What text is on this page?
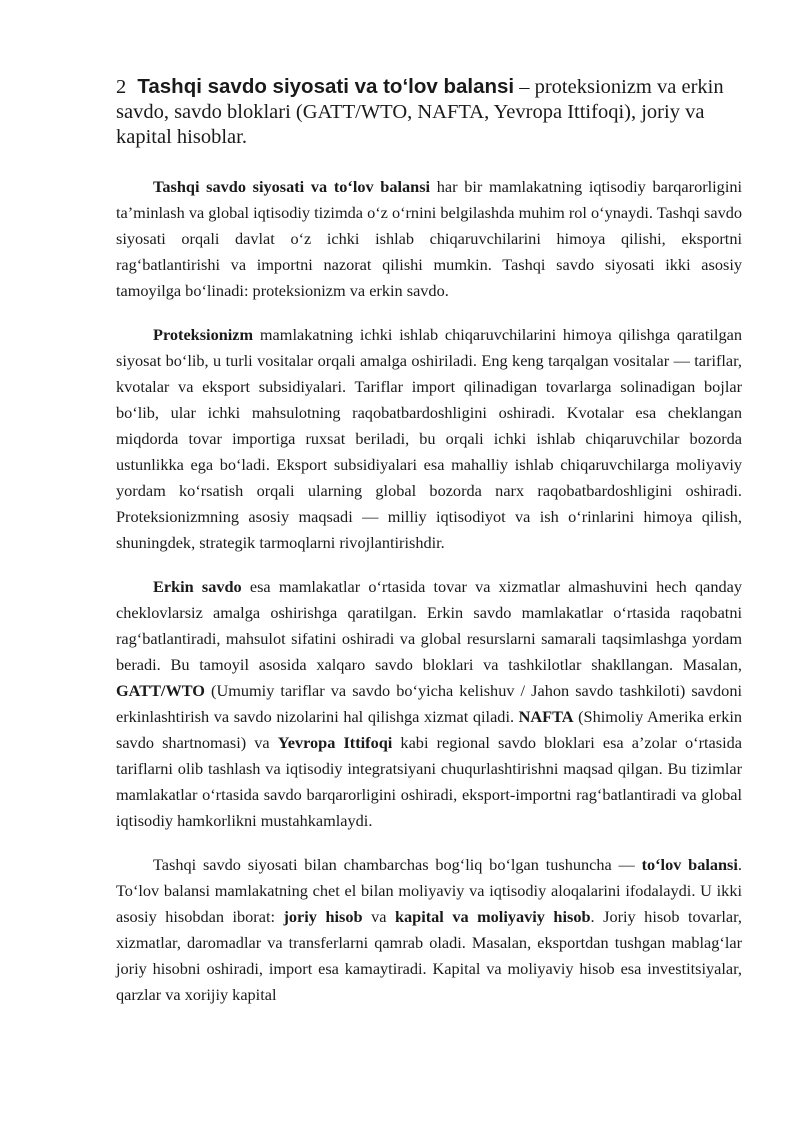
2 Tashqi savdo siyosati va to‘lov balansi – proteksionizm va erkin savdo, savdo bloklari (GATT/WTO, NAFTA, Yevropa Ittifoqi), joriy va kapital hisoblar.

Tashqi savdo siyosati va to‘lov balansi har bir mamlakatning iqtisodiy barqarorligini ta’minlash va global iqtisodiy tizimda o‘z o‘rnini belgilashda muhim rol o‘ynaydi. Tashqi savdo siyosati orqali davlat o‘z ichki ishlab chiqaruvchilarini himoya qilishi, eksportni rag‘batlantirishi va importni nazorat qilishi mumkin. Tashqi savdo siyosati ikki asosiy tamoyilga bo‘linadi: proteksionizm va erkin savdo.

Proteksionizm mamlakatning ichki ishlab chiqaruvchilarini himoya qilishga qaratilgan siyosat bo‘lib, u turli vositalar orqali amalga oshiriladi. Eng keng tarqalgan vositalar — tariflar, kvotalar va eksport subsidiyalari. Tariflar import qilinadigan tovarlarga solinadigan bojlar bo‘lib, ular ichki mahsulotning raqobatbardoshligini oshiradi. Kvotalar esa cheklangan miqdorda tovar importiga ruxsat beriladi, bu orqali ichki ishlab chiqaruvchilar bozorda ustunlikka ega bo‘ladi. Eksport subsidiyalari esa mahalliy ishlab chiqaruvchilarga moliyaviy yordam ko‘rsatish orqali ularning global bozorda narx raqobatbardoshligini oshiradi. Proteksionizmning asosiy maqsadi — milliy iqtisodiyot va ish o‘rinlarini himoya qilish, shuningdek, strategik tarmoqlarni rivojlantirishdir.

Erkin savdo esa mamlakatlar o‘rtasida tovar va xizmatlar almashuvini hech qanday cheklovlarsiz amalga oshirishga qaratilgan. Erkin savdo mamlakatlar o‘rtasida raqobatni rag‘batlantiradi, mahsulot sifatini oshiradi va global resurslarni samarali taqsimlashga yordam beradi. Bu tamoyil asosida xalqaro savdo bloklari va tashkilotlar shakllangan. Masalan, GATT/WTO (Umumiy tariflar va savdo bo‘yicha kelishuv / Jahon savdo tashkiloti) savdoni erkinlashtirish va savdo nizolarini hal qilishga xizmat qiladi. NAFTA (Shimoliy Amerika erkin savdo shartnomasi) va Yevropa Ittifoqi kabi regional savdo bloklari esa a’zolar o‘rtasida tariflarni olib tashlash va iqtisodiy integratsiyani chuqurlashtirishni maqsad qilgan. Bu tizimlar mamlakatlar o‘rtasida savdo barqarorligini oshiradi, eksport-importni rag‘batlantiradi va global iqtisodiy hamkorlikni mustahkamlaydi.

Tashqi savdo siyosati bilan chambarchas bog‘liq bo‘lgan tushuncha — to‘lov balansi. To‘lov balansi mamlakatning chet el bilan moliyaviy va iqtisodiy aloqalarini ifodalaydi. U ikki asosiy hisobdan iborat: joriy hisob va kapital va moliyaviy hisob. Joriy hisob tovarlar, xizmatlar, daromadlar va transferlarni qamrab oladi. Masalan, eksportdan tushgan mablag‘lar joriy hisobni oshiradi, import esa kamaytiradi. Kapital va moliyaviy hisob esa investitsiyalar, qarzlar va xorijiy kapital
